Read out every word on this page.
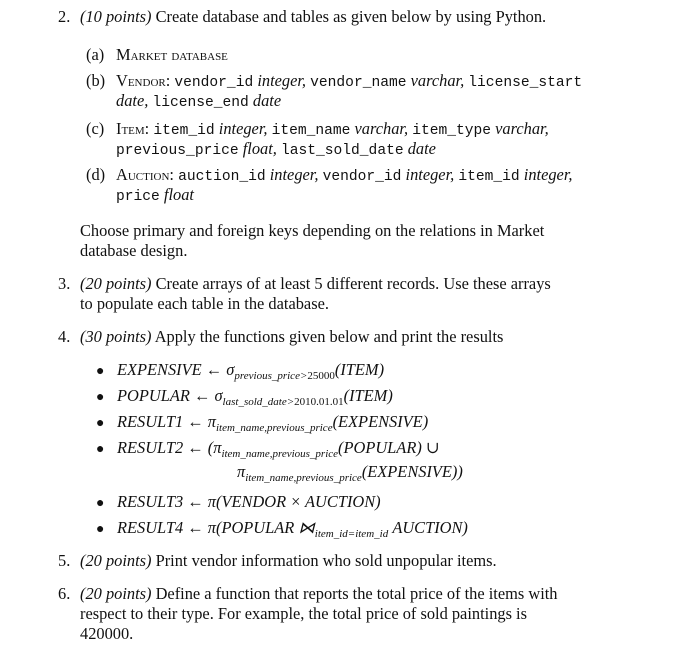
2. (10 points) Create database and tables as given below by using Python.
(a) Market database
(b) Vendor: vendor_id integer, vendor_name varchar, license_start
date, license_end date
(c) Item: item_id integer, item_name varchar, item_type varchar,
previous_price float, last_sold_date date
(d) Auction: auction_id integer, vendor_id integer, item_id integer,
price float
Choose primary and foreign keys depending on the relations in Market
database design.
3. (20 points) Create arrays of at least 5 different records. Use these arrays
to populate each table in the database.
4. (30 points) Apply the functions given below and print the results
● EXPENSIVE ← $\sigma_{previous\_price>25000}(ITEM)$
● POPULAR ← $\sigma_{last\_sold\_date>2010.01.01}(ITEM)$
● RESULT1 ← $\pi_{item\_name,previous\_price}(EXPENSIVE)$
● RESULT2 ← ($\pi_{item\_name,previous\_price}(POPULAR)$ ∪
$\pi_{item\_name,previous\_price}(EXPENSIVE)$)
● RESULT3 ← π(VENDOR × AUCTION)
● RESULT4 ← π(POPULAR $⋈_{item\_id=item\_id}$ AUCTION)
5. (20 points) Print vendor information who sold unpopular items.
6. (20 points) Define a function that reports the total price of the items with
respect to their type. For example, the total price of sold paintings is
420000.
